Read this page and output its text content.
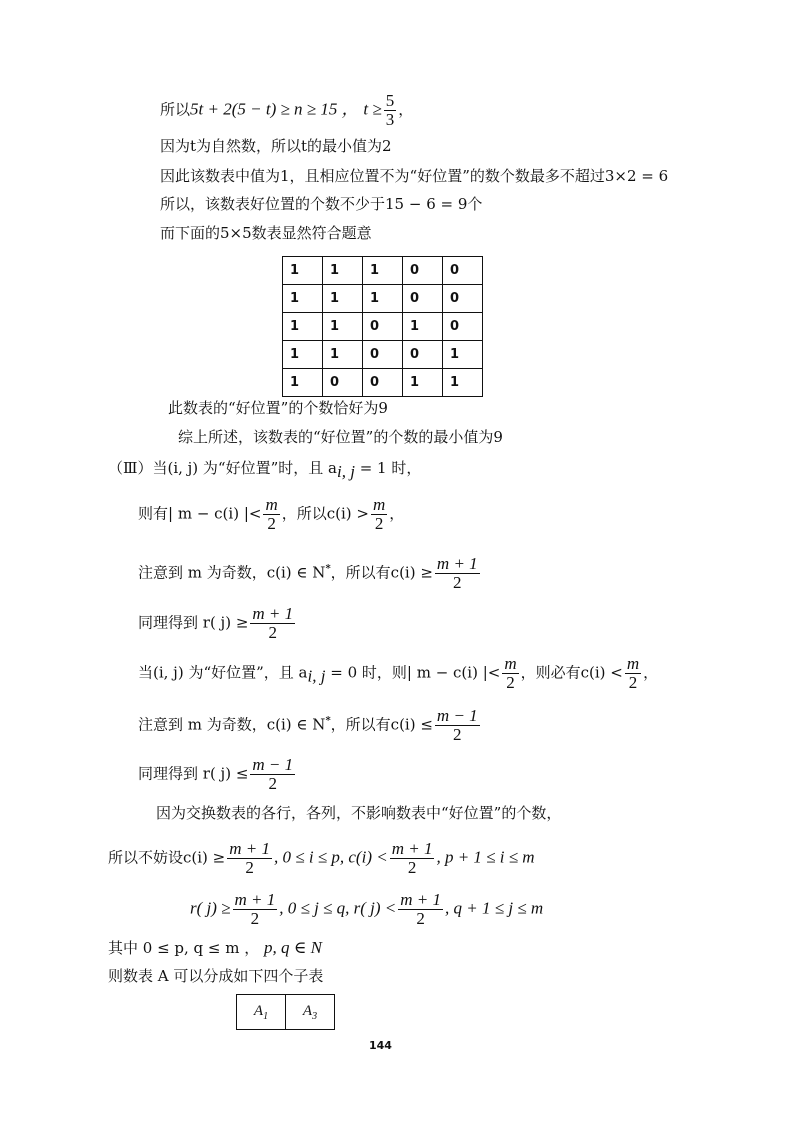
所以5t + 2(5 − t) ≥ n ≥ 15 ， $t \ge \frac{5}{3}$ ，
因为t为自然数，所以t的最小值为2
因此该数表中值为1，且相应位置不为“好位置”的数个数最多不超过3×2 = 6
所以，该数表好位置的个数不少于15 − 6 = 9个
而下面的5×5数表显然符合题意
1	1	1	0	0
1	1	1	0	0
1	1	0	1	0
1	1	0	0	1
1	0	0	1	1
此数表的“好位置”的个数恰好为9
综上所述，该数表的“好位置”的个数的最小值为9
（Ⅲ）当(i, j) 为“好位置”时，且 $a_{i, j} = 1$ 时，
则有| m − c(i) |< $\frac{m}{2}$ ，所以$c(i) > \frac{m}{2}$ ，
注意到 m 为奇数，c(i) ∈ N*，所以有$c(i) \ge \frac{m + 1}{2}$
同理得到 r( $j) \ge \frac{m + 1}{2}$
当(i, j) 为“好位置”，且 $a_{i, j} = 0$ 时，则| m − c(i) |< $\frac{m}{2}$ ，则必有$c(i) < \frac{m}{2}$ ，
注意到 m 为奇数，c(i) ∈ N*，所以有$c(i) \le \frac{m - 1}{2}$
同理得到 r( $j) \le \frac{m - 1}{2}$
因为交换数表的各行，各列，不影响数表中“好位置”的个数，
所以不妨设$c(i) \ge \frac{m + 1}{2}$ , 0 ≤ i ≤ p, $c(i) < \frac{m + 1}{2}$ , p + 1 ≤ i ≤ m
r( $j) \ge \frac{m + 1}{2}$ , 0 ≤ j ≤ q, r( $j) < \frac{m + 1}{2}$ , q + 1 ≤ j ≤ m
其中 0 ≤ p, q ≤ m ， p, q ∈ N
则数表 A 可以分成如下四个子表
$A_1$	$A_3$
144
